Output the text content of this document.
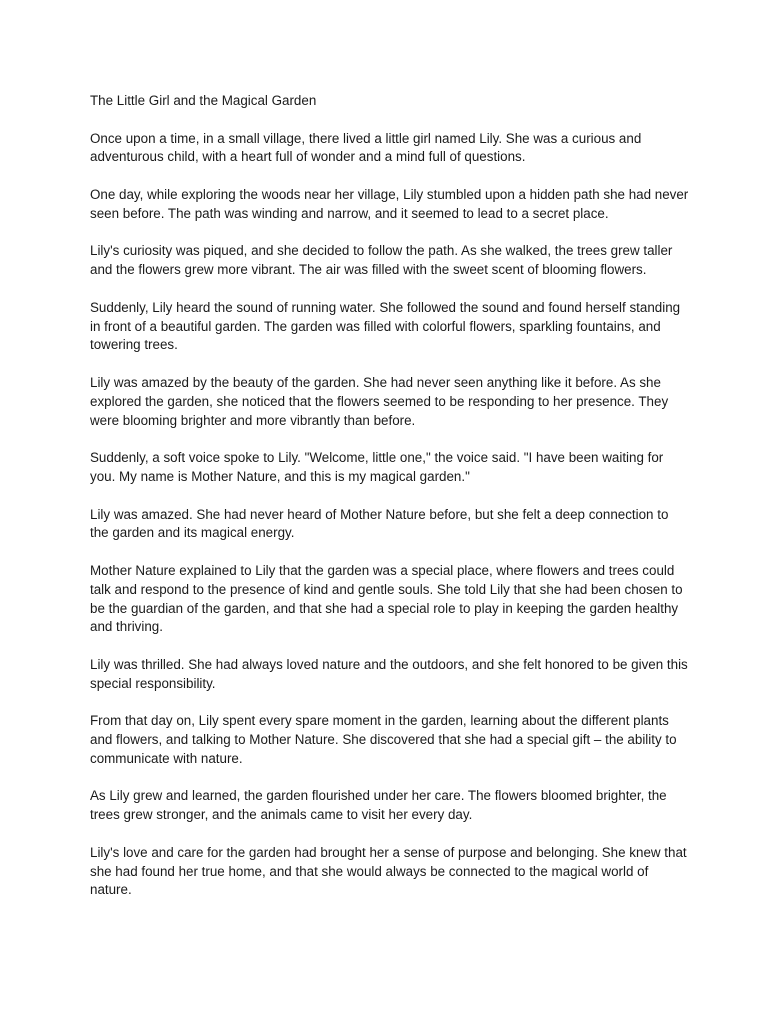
The Little Girl and the Magical Garden

Once upon a time, in a small village, there lived a little girl named Lily. She was a curious and adventurous child, with a heart full of wonder and a mind full of questions.

One day, while exploring the woods near her village, Lily stumbled upon a hidden path she had never seen before. The path was winding and narrow, and it seemed to lead to a secret place.

Lily's curiosity was piqued, and she decided to follow the path. As she walked, the trees grew taller and the flowers grew more vibrant. The air was filled with the sweet scent of blooming flowers.

Suddenly, Lily heard the sound of running water. She followed the sound and found herself standing in front of a beautiful garden. The garden was filled with colorful flowers, sparkling fountains, and towering trees.

Lily was amazed by the beauty of the garden. She had never seen anything like it before. As she explored the garden, she noticed that the flowers seemed to be responding to her presence. They were blooming brighter and more vibrantly than before.

Suddenly, a soft voice spoke to Lily. "Welcome, little one," the voice said. "I have been waiting for you. My name is Mother Nature, and this is my magical garden."

Lily was amazed. She had never heard of Mother Nature before, but she felt a deep connection to the garden and its magical energy.

Mother Nature explained to Lily that the garden was a special place, where flowers and trees could talk and respond to the presence of kind and gentle souls. She told Lily that she had been chosen to be the guardian of the garden, and that she had a special role to play in keeping the garden healthy and thriving.

Lily was thrilled. She had always loved nature and the outdoors, and she felt honored to be given this special responsibility.

From that day on, Lily spent every spare moment in the garden, learning about the different plants and flowers, and talking to Mother Nature. She discovered that she had a special gift – the ability to communicate with nature.

As Lily grew and learned, the garden flourished under her care. The flowers bloomed brighter, the trees grew stronger, and the animals came to visit her every day.

Lily's love and care for the garden had brought her a sense of purpose and belonging. She knew that she had found her true home, and that she would always be connected to the magical world of nature.
